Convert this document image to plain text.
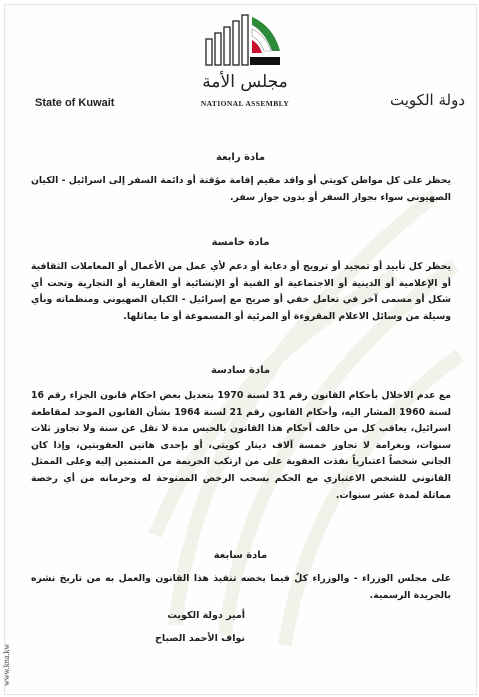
مجلس الأمة
NATIONAL ASSEMBLY
State of Kuwait	دولة الكويت
مادة رابعة
يحظر على كل مواطن كويتي أو وافد مقيم إقامة مؤقتة أو دائمة السفر إلى اسرائيل - الكيان الصهيوني سواء بجواز السفر أو بدون جواز سفر.
مادة خامسة
يحظر كل تأييد أو تمجيد أو ترويج أو دعاية أو دعم لأي عمل من الأعمال أو المعاملات الثقافية أو الإعلامية أو الدينية أو الاجتماعية أو الفنية أو الإنشائية أو العقارية أو التجارية وتحت أي شكل أو مسمى آخر في تعامل خفي أو صريح مع إسرائيل - الكيان الصهيوني ومنظماته وبأي وسيلة من وسائل الاعلام المقروءة أو المرئية أو المسموعة أو ما يماثلها.
مادة سادسة
مع عدم الاخلال بأحكام القانون رقم 31 لسنة 1970 بتعديل بعض احكام قانون الجزاء رقم 16 لسنة 1960 المشار اليه، وأحكام القانون رقم 21 لسنة 1964 بشأن القانون الموحد لمقاطعة اسرائيل، يعاقب كل من خالف أحكام هذا القانون بالحبس مدة لا تقل عن سنة ولا تجاوز ثلاث سنوات، وبغرامة لا تجاوز خمسة آلاف دينار كويتي، أو بإحدى هاتين العقوبتين، وإذا كان الجاني شخصاً اعتبارياً نفذت العقوبة على من ارتكب الجريمة من المنتمين إليه وعلى الممثل القانوني للشخص الاعتباري مع الحكم بسحب الرخص الممنوحة له وحرمانه من أي رخصة مماثلة لمدة عشر سنوات.
مادة سابعة
على مجلس الوزراء - والوزراء كلٌ فيما يخصه تنفيذ هذا القانون والعمل به من تاريخ نشره بالجريدة الرسمية.
أمير دولة الكويت
نواف الأحمد الصباح
www.kna.kw
